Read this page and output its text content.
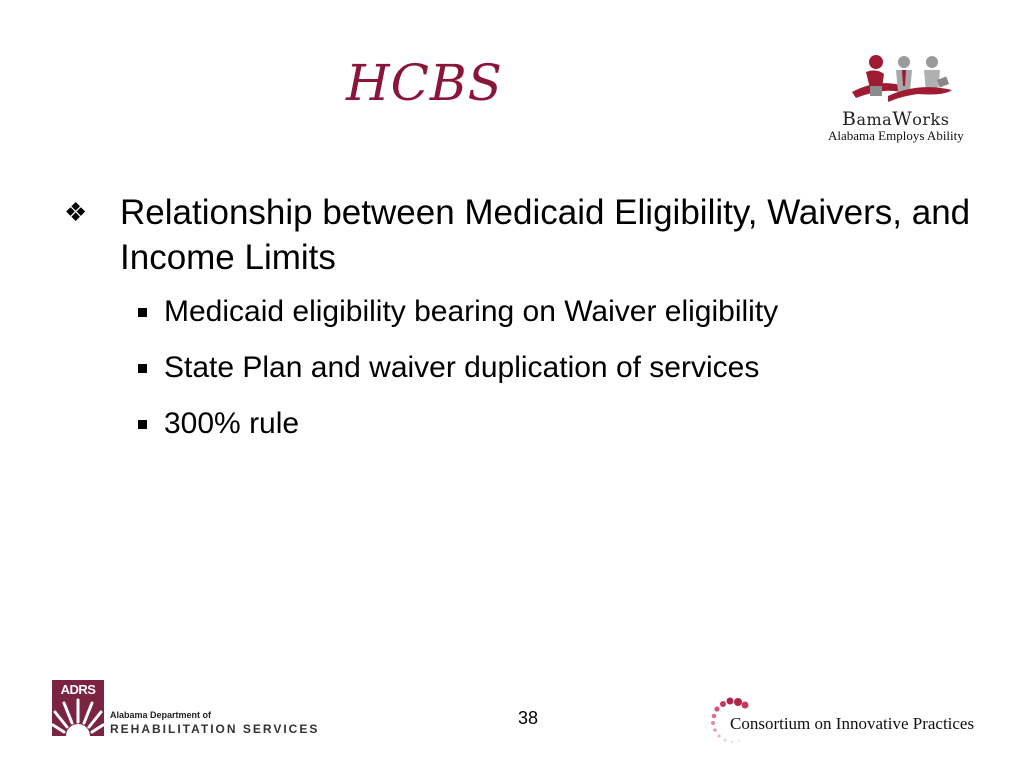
HCBS
BamaWorks
Alabama Employs Ability
❖ Relationship between Medicaid Eligibility, Waivers, and Income Limits
Medicaid eligibility bearing on Waiver eligibility
State Plan and waiver duplication of services
300% rule
ADRS
Alabama Department of
REHABILITATION SERVICES
38	Consortium on Innovative Practices
